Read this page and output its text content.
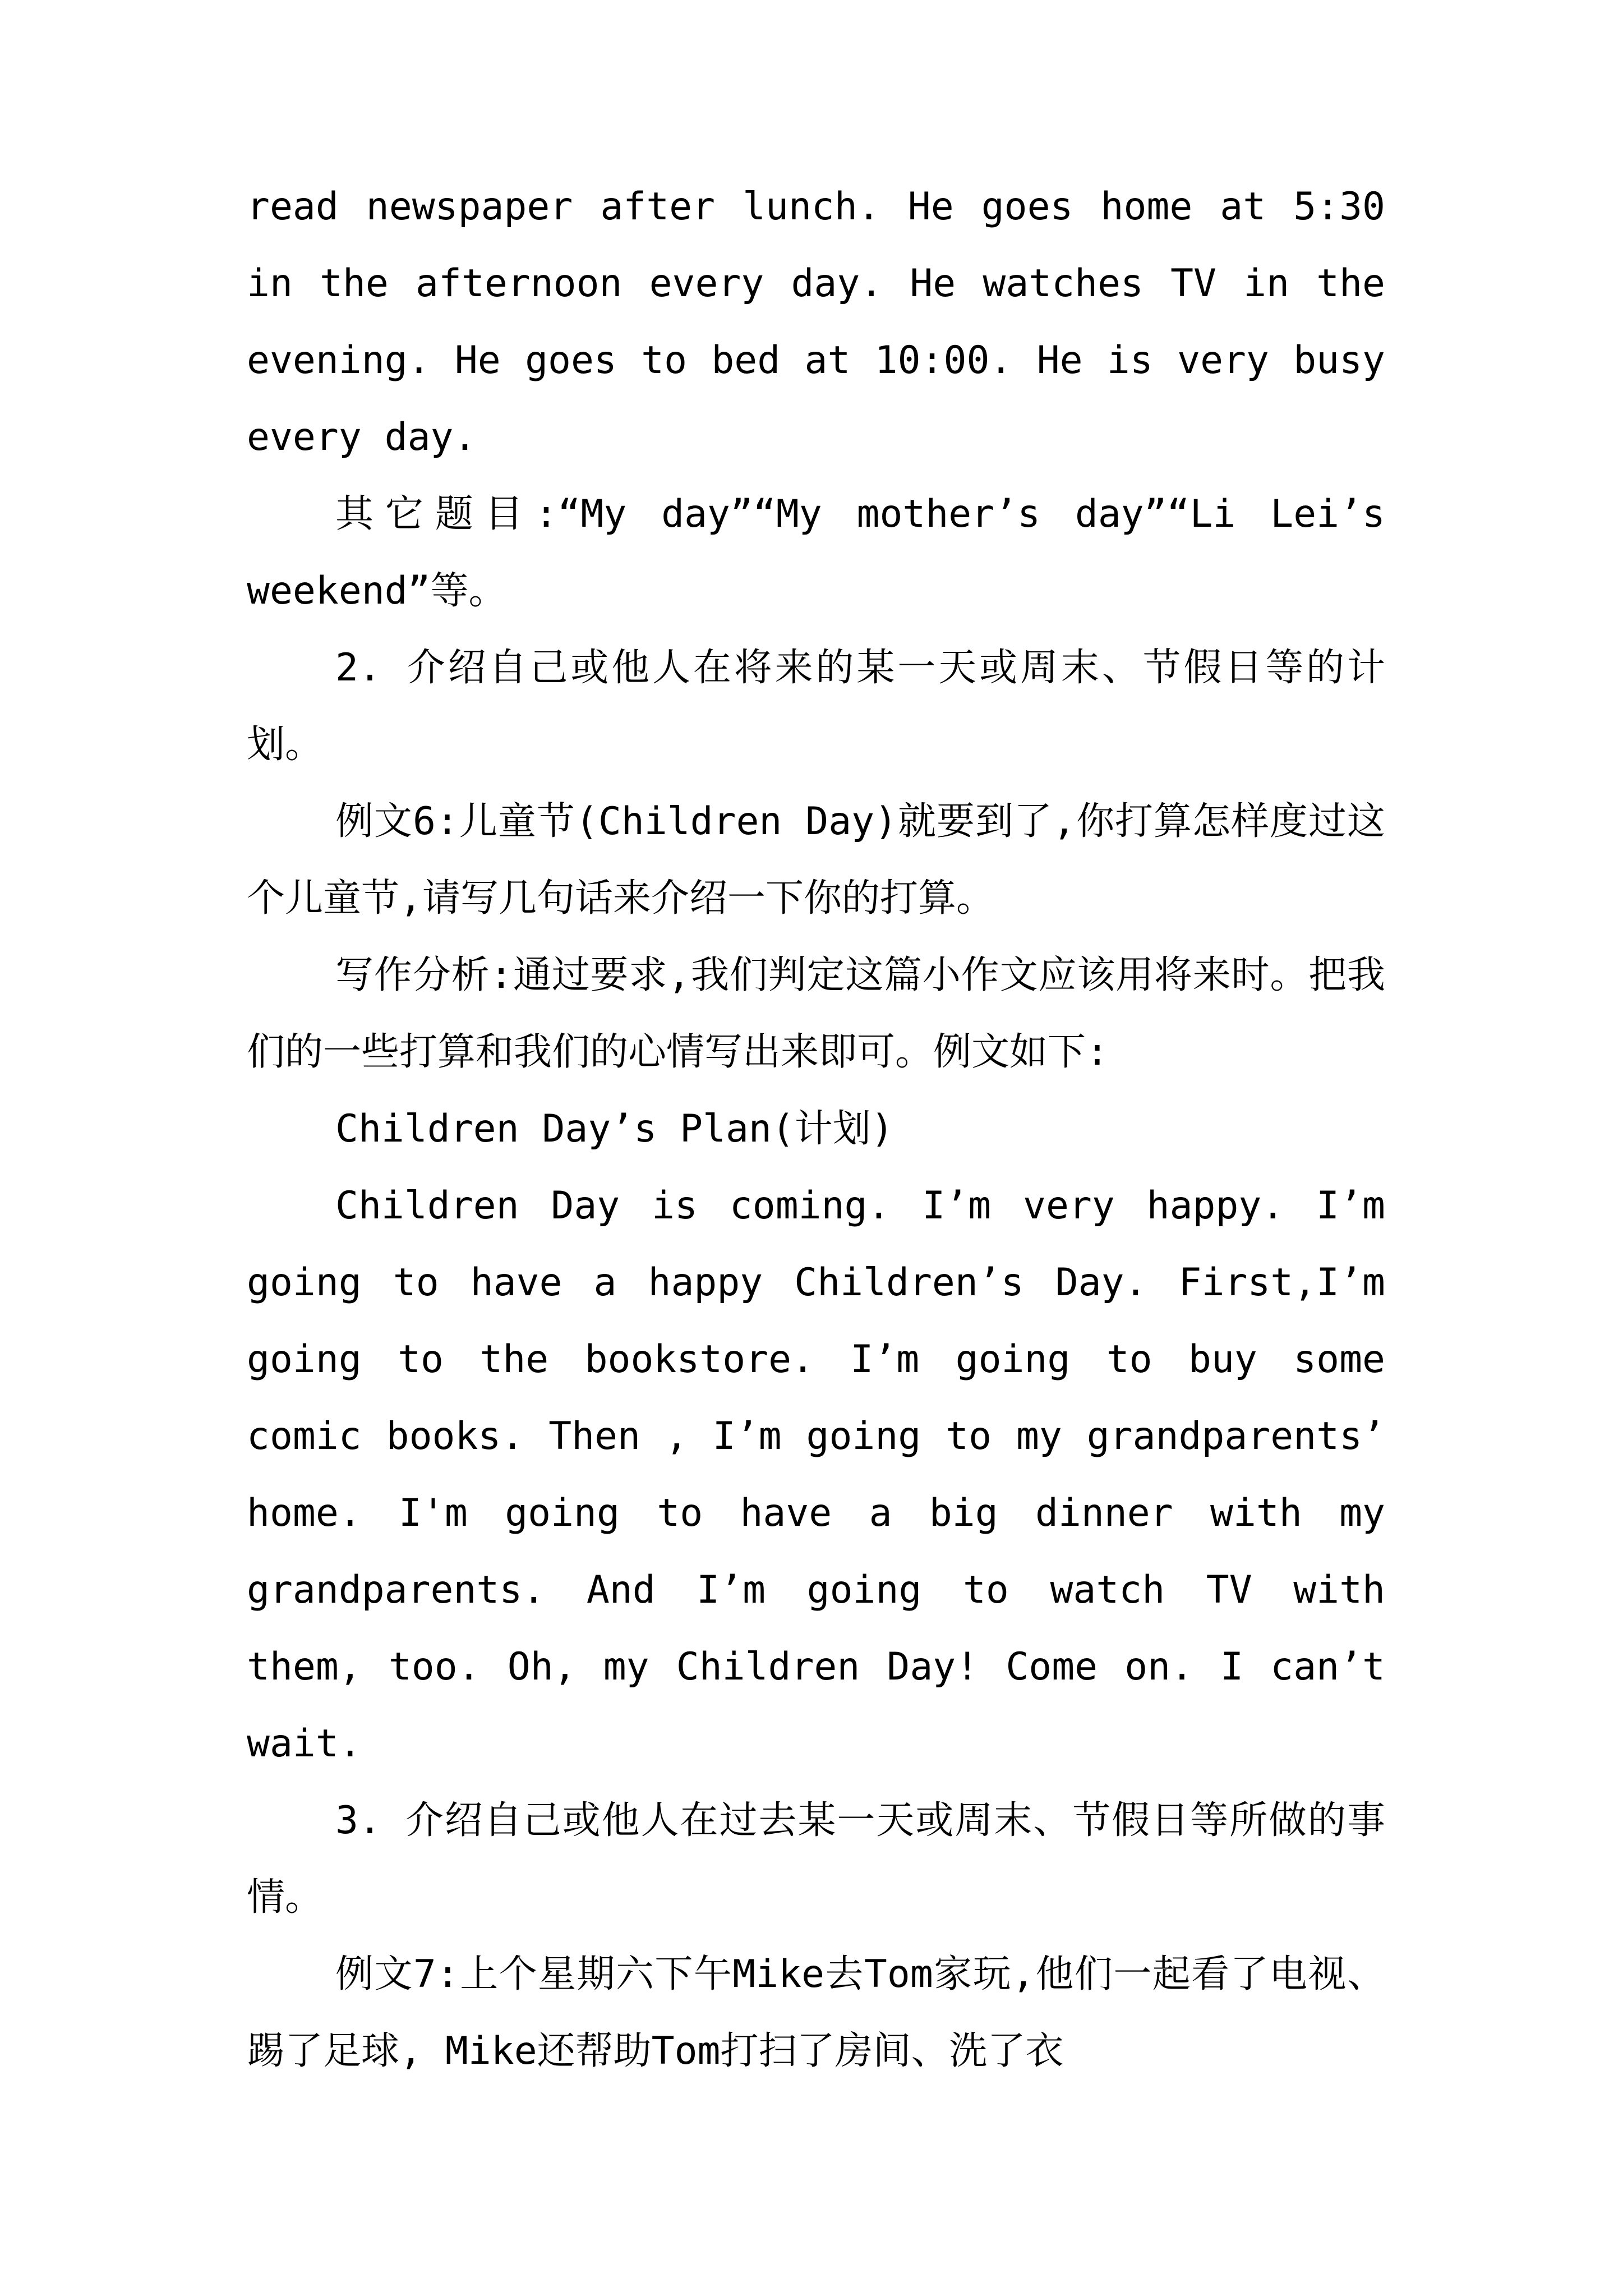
read newspaper after lunch. He goes home at 5:30 in the afternoon every day. He watches TV in the evening. He goes to bed at 10:00. He is very busy every day.

其它题目:“My day”“My mother’s day”“Li Lei’s weekend”等。

2. 介绍自己或他人在将来的某一天或周末、节假日等的计划。

例文6:儿童节(Children Day)就要到了,你打算怎样度过这个儿童节,请写几句话来介绍一下你的打算。

写作分析:通过要求,我们判定这篇小作文应该用将来时。把我们的一些打算和我们的心情写出来即可。例文如下:

Children Day’s Plan(计划)

Children Day is coming. I’m very happy. I’m going to have a happy Children’s Day. First,I’m going to the bookstore. I’m going to buy some comic books. Then , I’m going to my grandparents’ home. I'm going to have a big dinner with my grandparents. And I’m going to watch TV with them, too. Oh, my Children Day! Come on. I can’t wait.

3. 介绍自己或他人在过去某一天或周末、节假日等所做的事情。

例文7:上个星期六下午Mike去Tom家玩,他们一起看了电视、踢了足球, Mike还帮助Tom打扫了房间、洗了衣
